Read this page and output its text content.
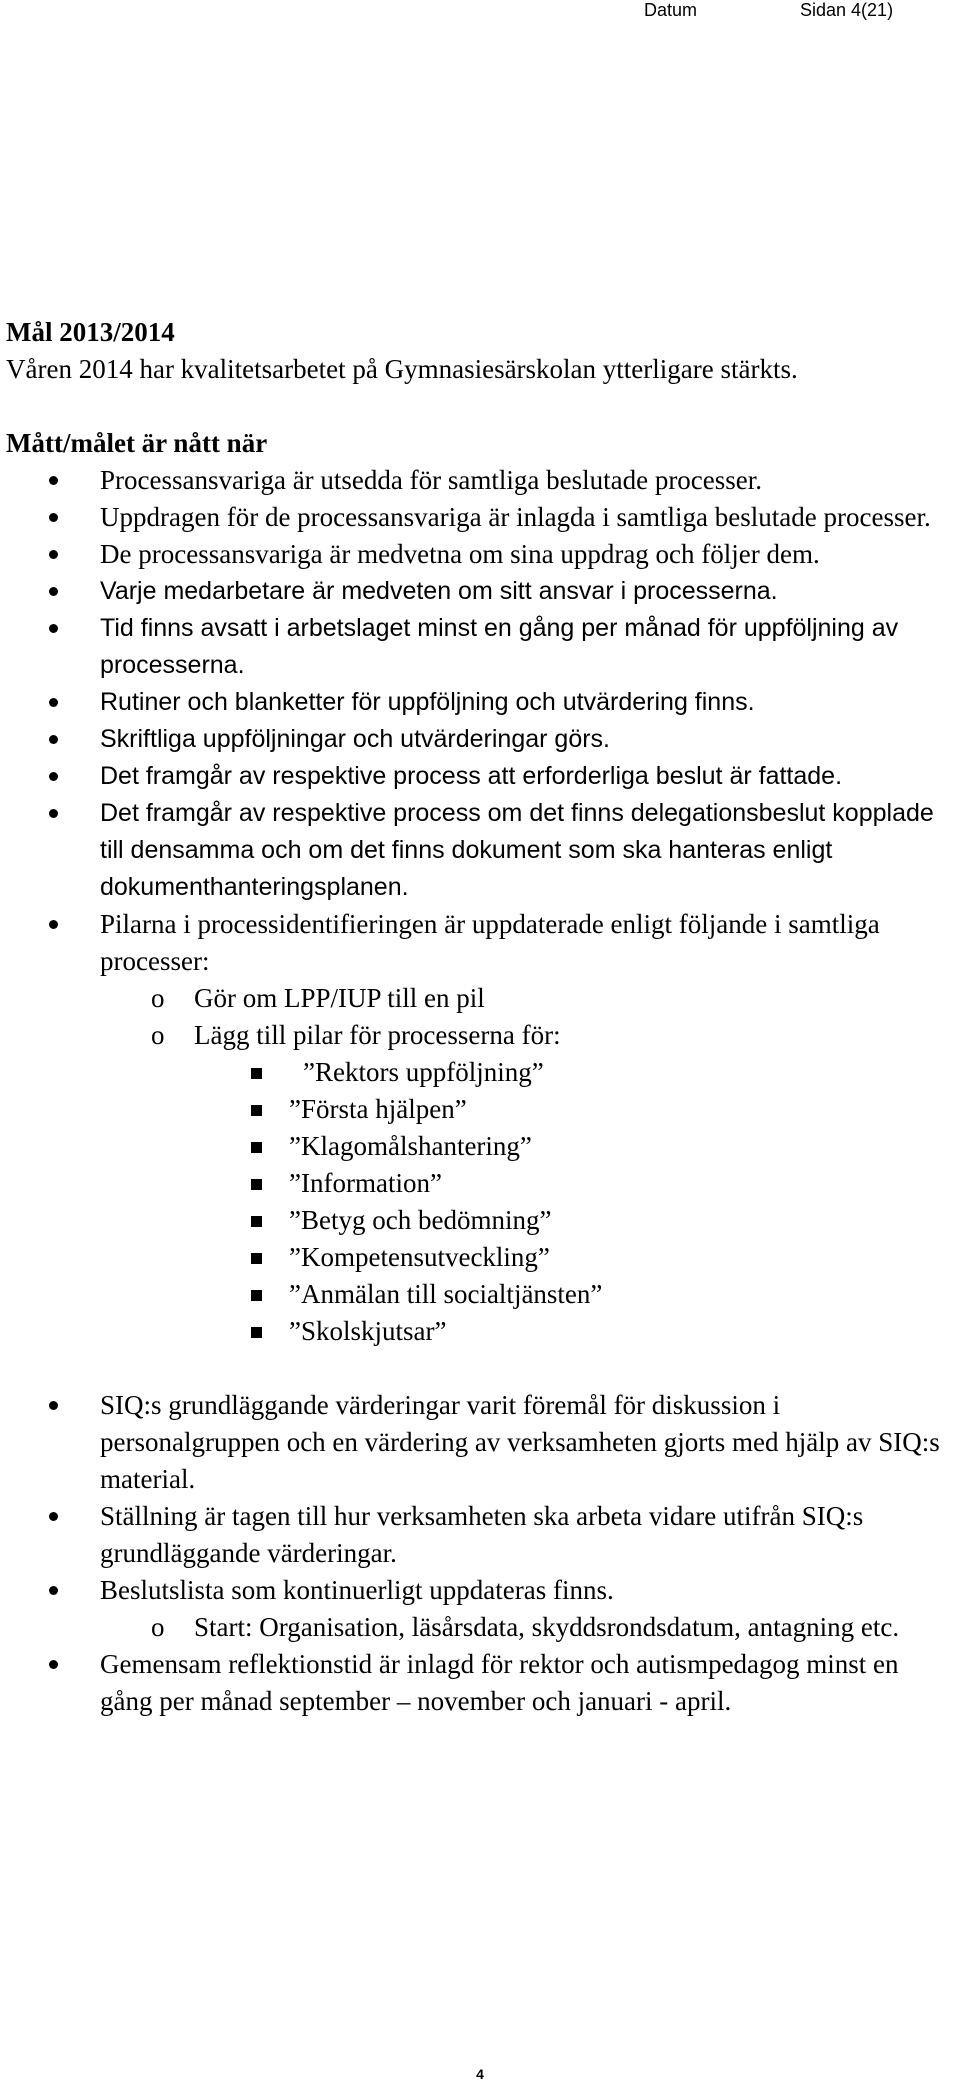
Datum	Sidan 4(21)

Mål 2013/2014

Våren 2014 har kvalitetsarbetet på Gymnasiesärskolan ytterligare stärkts.

Mått/målet är nått när

Processansvariga är utsedda för samtliga beslutade processer.
Uppdragen för de processansvariga är inlagda i samtliga beslutade processer.
De processansvariga är medvetna om sina uppdrag och följer dem.
Varje medarbetare är medveten om sitt ansvar i processerna.
Tid finns avsatt i arbetslaget minst en gång per månad för uppföljning av processerna.
Rutiner och blanketter för uppföljning och utvärdering finns.
Skriftliga uppföljningar och utvärderingar görs.
Det framgår av respektive process att erforderliga beslut är fattade.
Det framgår av respektive process om det finns delegationsbeslut kopplade till densamma och om det finns dokument som ska hanteras enligt dokumenthanteringsplanen.
Pilarna i processidentifieringen är uppdaterade enligt följande i samtliga processer:
o Gör om LPP/IUP till en pil
o Lägg till pilar för processerna för:
”Rektors uppföljning”
”Första hjälpen”
”Klagomålshantering”
”Information”
”Betyg och bedömning”
”Kompetensutveckling”
”Anmälan till socialtjänsten”
”Skolskjutsar”
SIQ:s grundläggande värderingar varit föremål för diskussion i personalgruppen och en värdering av verksamheten gjorts med hjälp av SIQ:s material.
Ställning är tagen till hur verksamheten ska arbeta vidare utifrån SIQ:s grundläggande värderingar.
Beslutslista som kontinuerligt uppdateras finns.
o Start: Organisation, läsårsdata, skyddsrondsdatum, antagning etc.
Gemensam reflektionstid är inlagd för rektor och autismpedagog minst en gång per månad september – november och januari - april.
4
